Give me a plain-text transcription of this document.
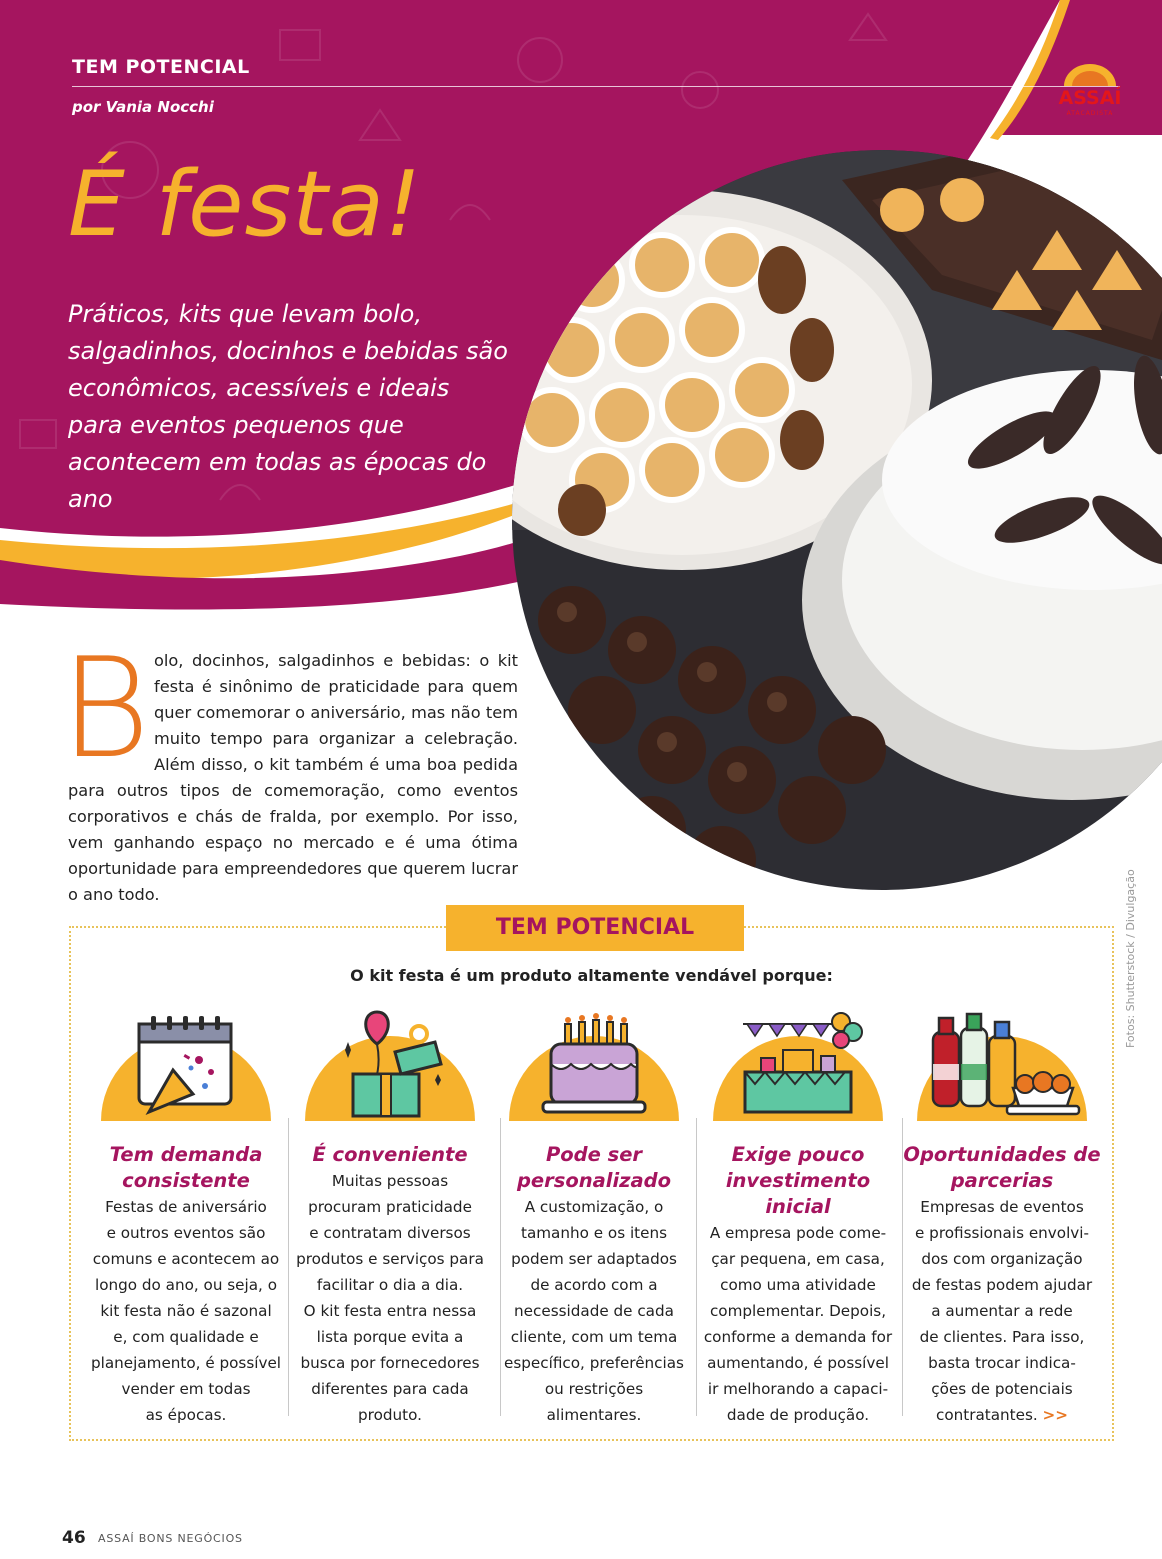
TEM POTENCIAL
por Vania Nocchi
É festa!
Práticos, kits que levam bolo, salgadinhos, docinhos e bebidas são econômicos, acessíveis e ideais para eventos pequenos que acontecem em todas as épocas do ano
ASSAÍ
ATACADISTA
B olo, docinhos, salgadinhos e bebidas: o kit festa é sinônimo de praticidade para quem quer comemorar o aniversário, mas não tem muito tempo para organizar a celebração. Além disso, o kit também é uma boa pedida para outros tipos de comemoração, como eventos corporativos e chás de fralda, por exemplo. Por isso, vem ganhando espaço no mercado e é uma ótima oportunidade para empreendedores que querem lucrar o ano todo.	Fotos: Shutterstock / Divulgação
TEM POTENCIAL
O kit festa é um produto altamente vendável porque:
Tem demanda consistente

Festas de aniversário
e outros eventos são
comuns e acontecem ao
longo do ano, ou seja, o
kit festa não é sazonal
e, com qualidade e
planejamento, é possível
vender em todas
as épocas.

É conveniente

Muitas pessoas
procuram praticidade
e contratam diversos
produtos e serviços para
facilitar o dia a dia.
O kit festa entra nessa
lista porque evita a
busca por fornecedores
diferentes para cada
produto.

Pode ser personalizado

A customização, o
tamanho e os itens
podem ser adaptados
de acordo com a
necessidade de cada
cliente, com um tema
específico, preferências
ou restrições
alimentares.

Exige pouco investimento inicial

A empresa pode come-
çar pequena, em casa,
como uma atividade
complementar. Depois,
conforme a demanda for
aumentando, é possível
ir melhorando a capaci-
dade de produção.

Oportunidades de parcerias

Empresas de eventos
e profissionais envolvi-
dos com organização
de festas podem ajudar
a aumentar a rede
de clientes. Para isso,
basta trocar indica-
ções de potenciais
contratantes. >>

46 ASSAÍ BONS NEGÓCIOS
